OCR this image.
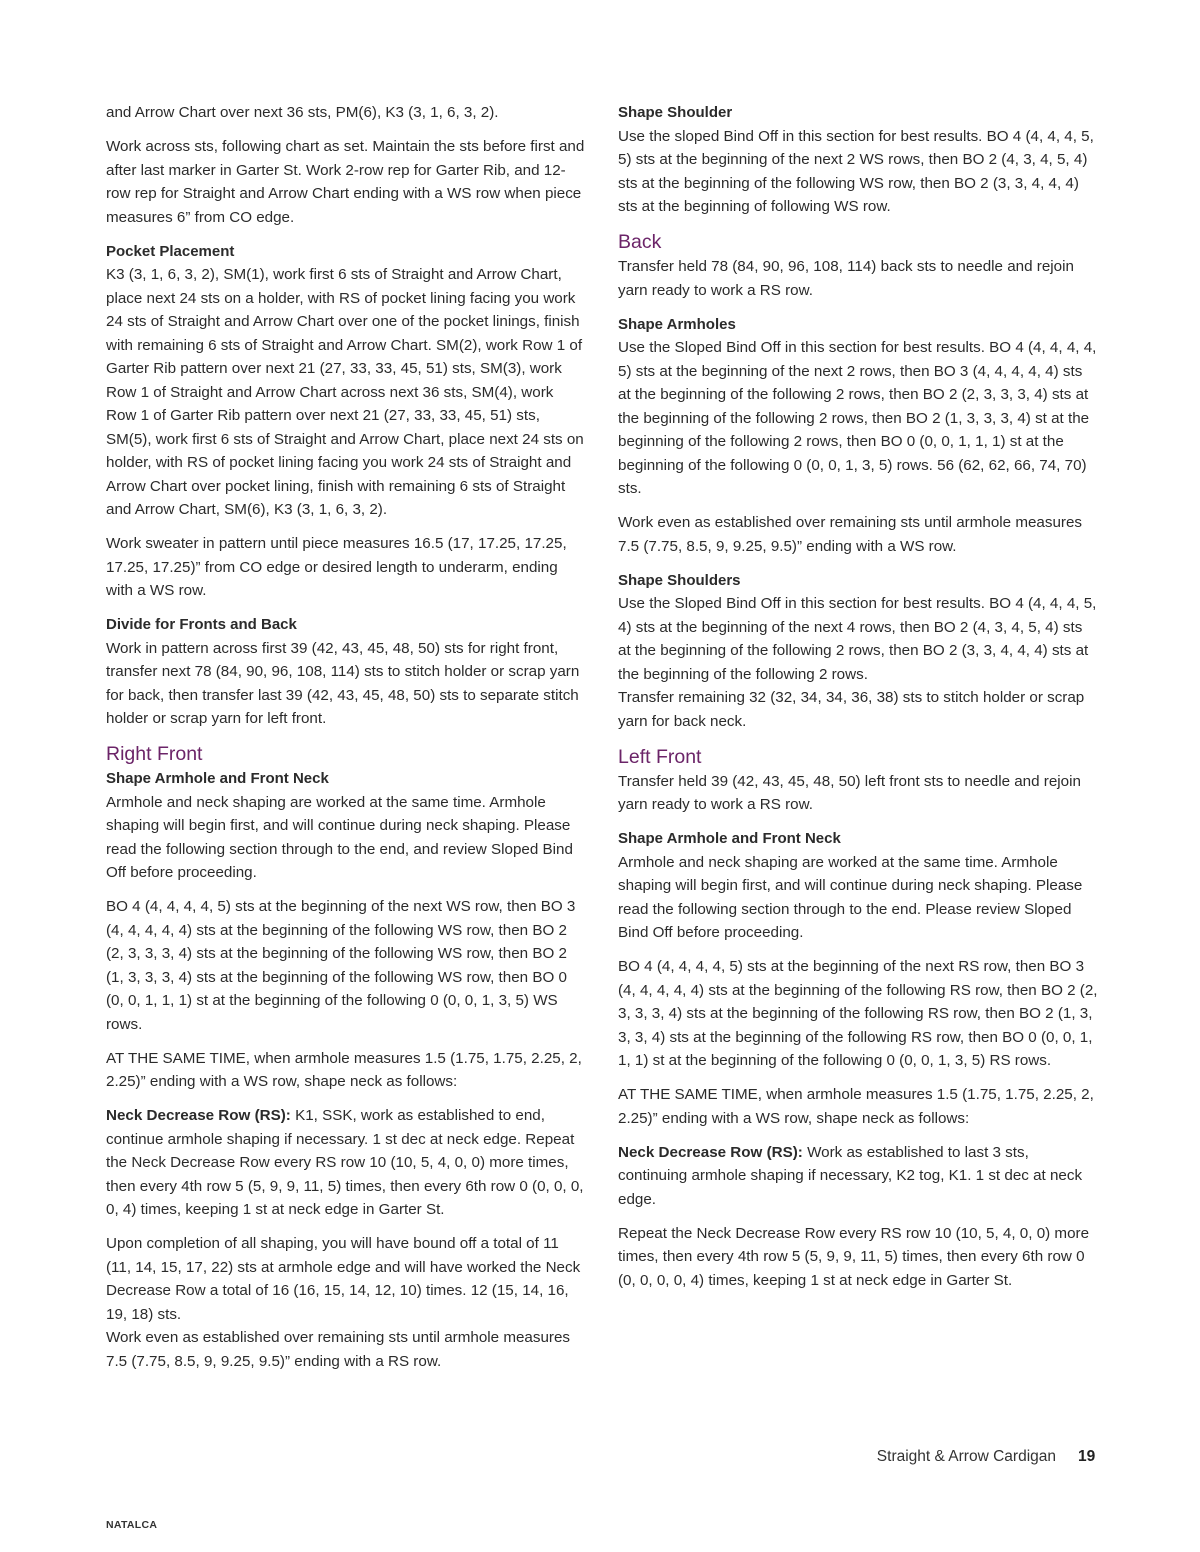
and Arrow Chart over next 36 sts, PM(6), K3 (3, 1, 6, 3, 2).

Work across sts, following chart as set. Maintain the sts before first and after last marker in Garter St. Work 2-row rep for Garter Rib, and 12-row rep for Straight and Arrow Chart ending with a WS row when piece measures 6” from CO edge.

Pocket Placement

K3 (3, 1, 6, 3, 2), SM(1), work first 6 sts of Straight and Arrow Chart, place next 24 sts on a holder, with RS of pocket lining facing you work 24 sts of Straight and Arrow Chart over one of the pocket linings, finish with remaining 6 sts of Straight and Arrow Chart. SM(2), work Row 1 of Garter Rib pattern over next 21 (27, 33, 33, 45, 51) sts, SM(3), work Row 1 of Straight and Arrow Chart across next 36 sts, SM(4), work Row 1 of Garter Rib pattern over next 21 (27, 33, 33, 45, 51) sts, SM(5), work first 6 sts of Straight and Arrow Chart, place next 24 sts on holder, with RS of pocket lining facing you work 24 sts of Straight and Arrow Chart over pocket lining, finish with remaining 6 sts of Straight and Arrow Chart, SM(6), K3 (3, 1, 6, 3, 2).

Work sweater in pattern until piece measures 16.5 (17, 17.25, 17.25, 17.25, 17.25)” from CO edge or desired length to underarm, ending with a WS row.

Divide for Fronts and Back

Work in pattern across first 39 (42, 43, 45, 48, 50) sts for right front, transfer next 78 (84, 90, 96, 108, 114) sts to stitch holder or scrap yarn for back, then transfer last 39 (42, 43, 45, 48, 50) sts to separate stitch holder or scrap yarn for left front.

Right Front
Shape Armhole and Front Neck

Armhole and neck shaping are worked at the same time. Armhole shaping will begin first, and will continue during neck shaping. Please read the following section through to the end, and review Sloped Bind Off before proceeding.

BO 4 (4, 4, 4, 4, 5) sts at the beginning of the next WS row, then BO 3 (4, 4, 4, 4, 4) sts at the beginning of the following WS row, then BO 2 (2, 3, 3, 3, 4) sts at the beginning of the following WS row, then BO 2 (1, 3, 3, 3, 4) sts at the beginning of the following WS row, then BO 0 (0, 0, 1, 1, 1) st at the beginning of the following 0 (0, 0, 1, 3, 5) WS rows.

AT THE SAME TIME, when armhole measures 1.5 (1.75, 1.75, 2.25, 2, 2.25)” ending with a WS row, shape neck as follows:

Neck Decrease Row (RS): K1, SSK, work as established to end, continue armhole shaping if necessary. 1 st dec at neck edge. Repeat the Neck Decrease Row every RS row 10 (10, 5, 4, 0, 0) more times, then every 4th row 5 (5, 9, 9, 11, 5) times, then every 6th row 0 (0, 0, 0, 0, 4) times, keeping 1 st at neck edge in Garter St.

Upon completion of all shaping, you will have bound off a total of 11 (11, 14, 15, 17, 22) sts at armhole edge and will have worked the Neck Decrease Row a total of 16 (16, 15, 14, 12, 10) times. 12 (15, 14, 16, 19, 18) sts.

Work even as established over remaining sts until armhole measures 7.5 (7.75, 8.5, 9, 9.25, 9.5)” ending with a RS row.

Shape Shoulder

Use the sloped Bind Off in this section for best results. BO 4 (4, 4, 4, 5, 5) sts at the beginning of the next 2 WS rows, then BO 2 (4, 3, 4, 5, 4) sts at the beginning of the following WS row, then BO 2 (3, 3, 4, 4, 4) sts at the beginning of following WS row.

Back

Transfer held 78 (84, 90, 96, 108, 114) back sts to needle and rejoin yarn ready to work a RS row.

Shape Armholes

Use the Sloped Bind Off in this section for best results. BO 4 (4, 4, 4, 4, 5) sts at the beginning of the next 2 rows, then BO 3 (4, 4, 4, 4, 4) sts at the beginning of the following 2 rows, then BO 2 (2, 3, 3, 3, 4) sts at the beginning of the following 2 rows, then BO 2 (1, 3, 3, 3, 4) st at the beginning of the following 2 rows, then BO 0 (0, 0, 1, 1, 1) st at the beginning of the following 0 (0, 0, 1, 3, 5) rows. 56 (62, 62, 66, 74, 70) sts.

Work even as established over remaining sts until armhole measures 7.5 (7.75, 8.5, 9, 9.25, 9.5)” ending with a WS row.

Shape Shoulders

Use the Sloped Bind Off in this section for best results. BO 4 (4, 4, 4, 5, 4) sts at the beginning of the next 4 rows, then BO 2 (4, 3, 4, 5, 4) sts at the beginning of the following 2 rows, then BO 2 (3, 3, 4, 4, 4) sts at the beginning of the following 2 rows.

Transfer remaining 32 (32, 34, 34, 36, 38) sts to stitch holder or scrap yarn for back neck.

Left Front

Transfer held 39 (42, 43, 45, 48, 50) left front sts to needle and rejoin yarn ready to work a RS row.

Shape Armhole and Front Neck

Armhole and neck shaping are worked at the same time. Armhole shaping will begin first, and will continue during neck shaping. Please read the following section through to the end. Please review Sloped Bind Off before proceeding.

BO 4 (4, 4, 4, 4, 5) sts at the beginning of the next RS row, then BO 3 (4, 4, 4, 4, 4) sts at the beginning of the following RS row, then BO 2 (2, 3, 3, 3, 4) sts at the beginning of the following RS row, then BO 2 (1, 3, 3, 3, 4) sts at the beginning of the following RS row, then BO 0 (0, 0, 1, 1, 1) st at the beginning of the following 0 (0, 0, 1, 3, 5) RS rows.

AT THE SAME TIME, when armhole measures 1.5 (1.75, 1.75, 2.25, 2, 2.25)” ending with a WS row, shape neck as follows:

Neck Decrease Row (RS): Work as established to last 3 sts, continuing armhole shaping if necessary, K2 tog, K1. 1 st dec at neck edge.

Repeat the Neck Decrease Row every RS row 10 (10, 5, 4, 0, 0) more times, then every 4th row 5 (5, 9, 9, 11, 5) times, then every 6th row 0 (0, 0, 0, 0, 4) times, keeping 1 st at neck edge in Garter St.

Straight & Arrow Cardigan 19
NATALCA
